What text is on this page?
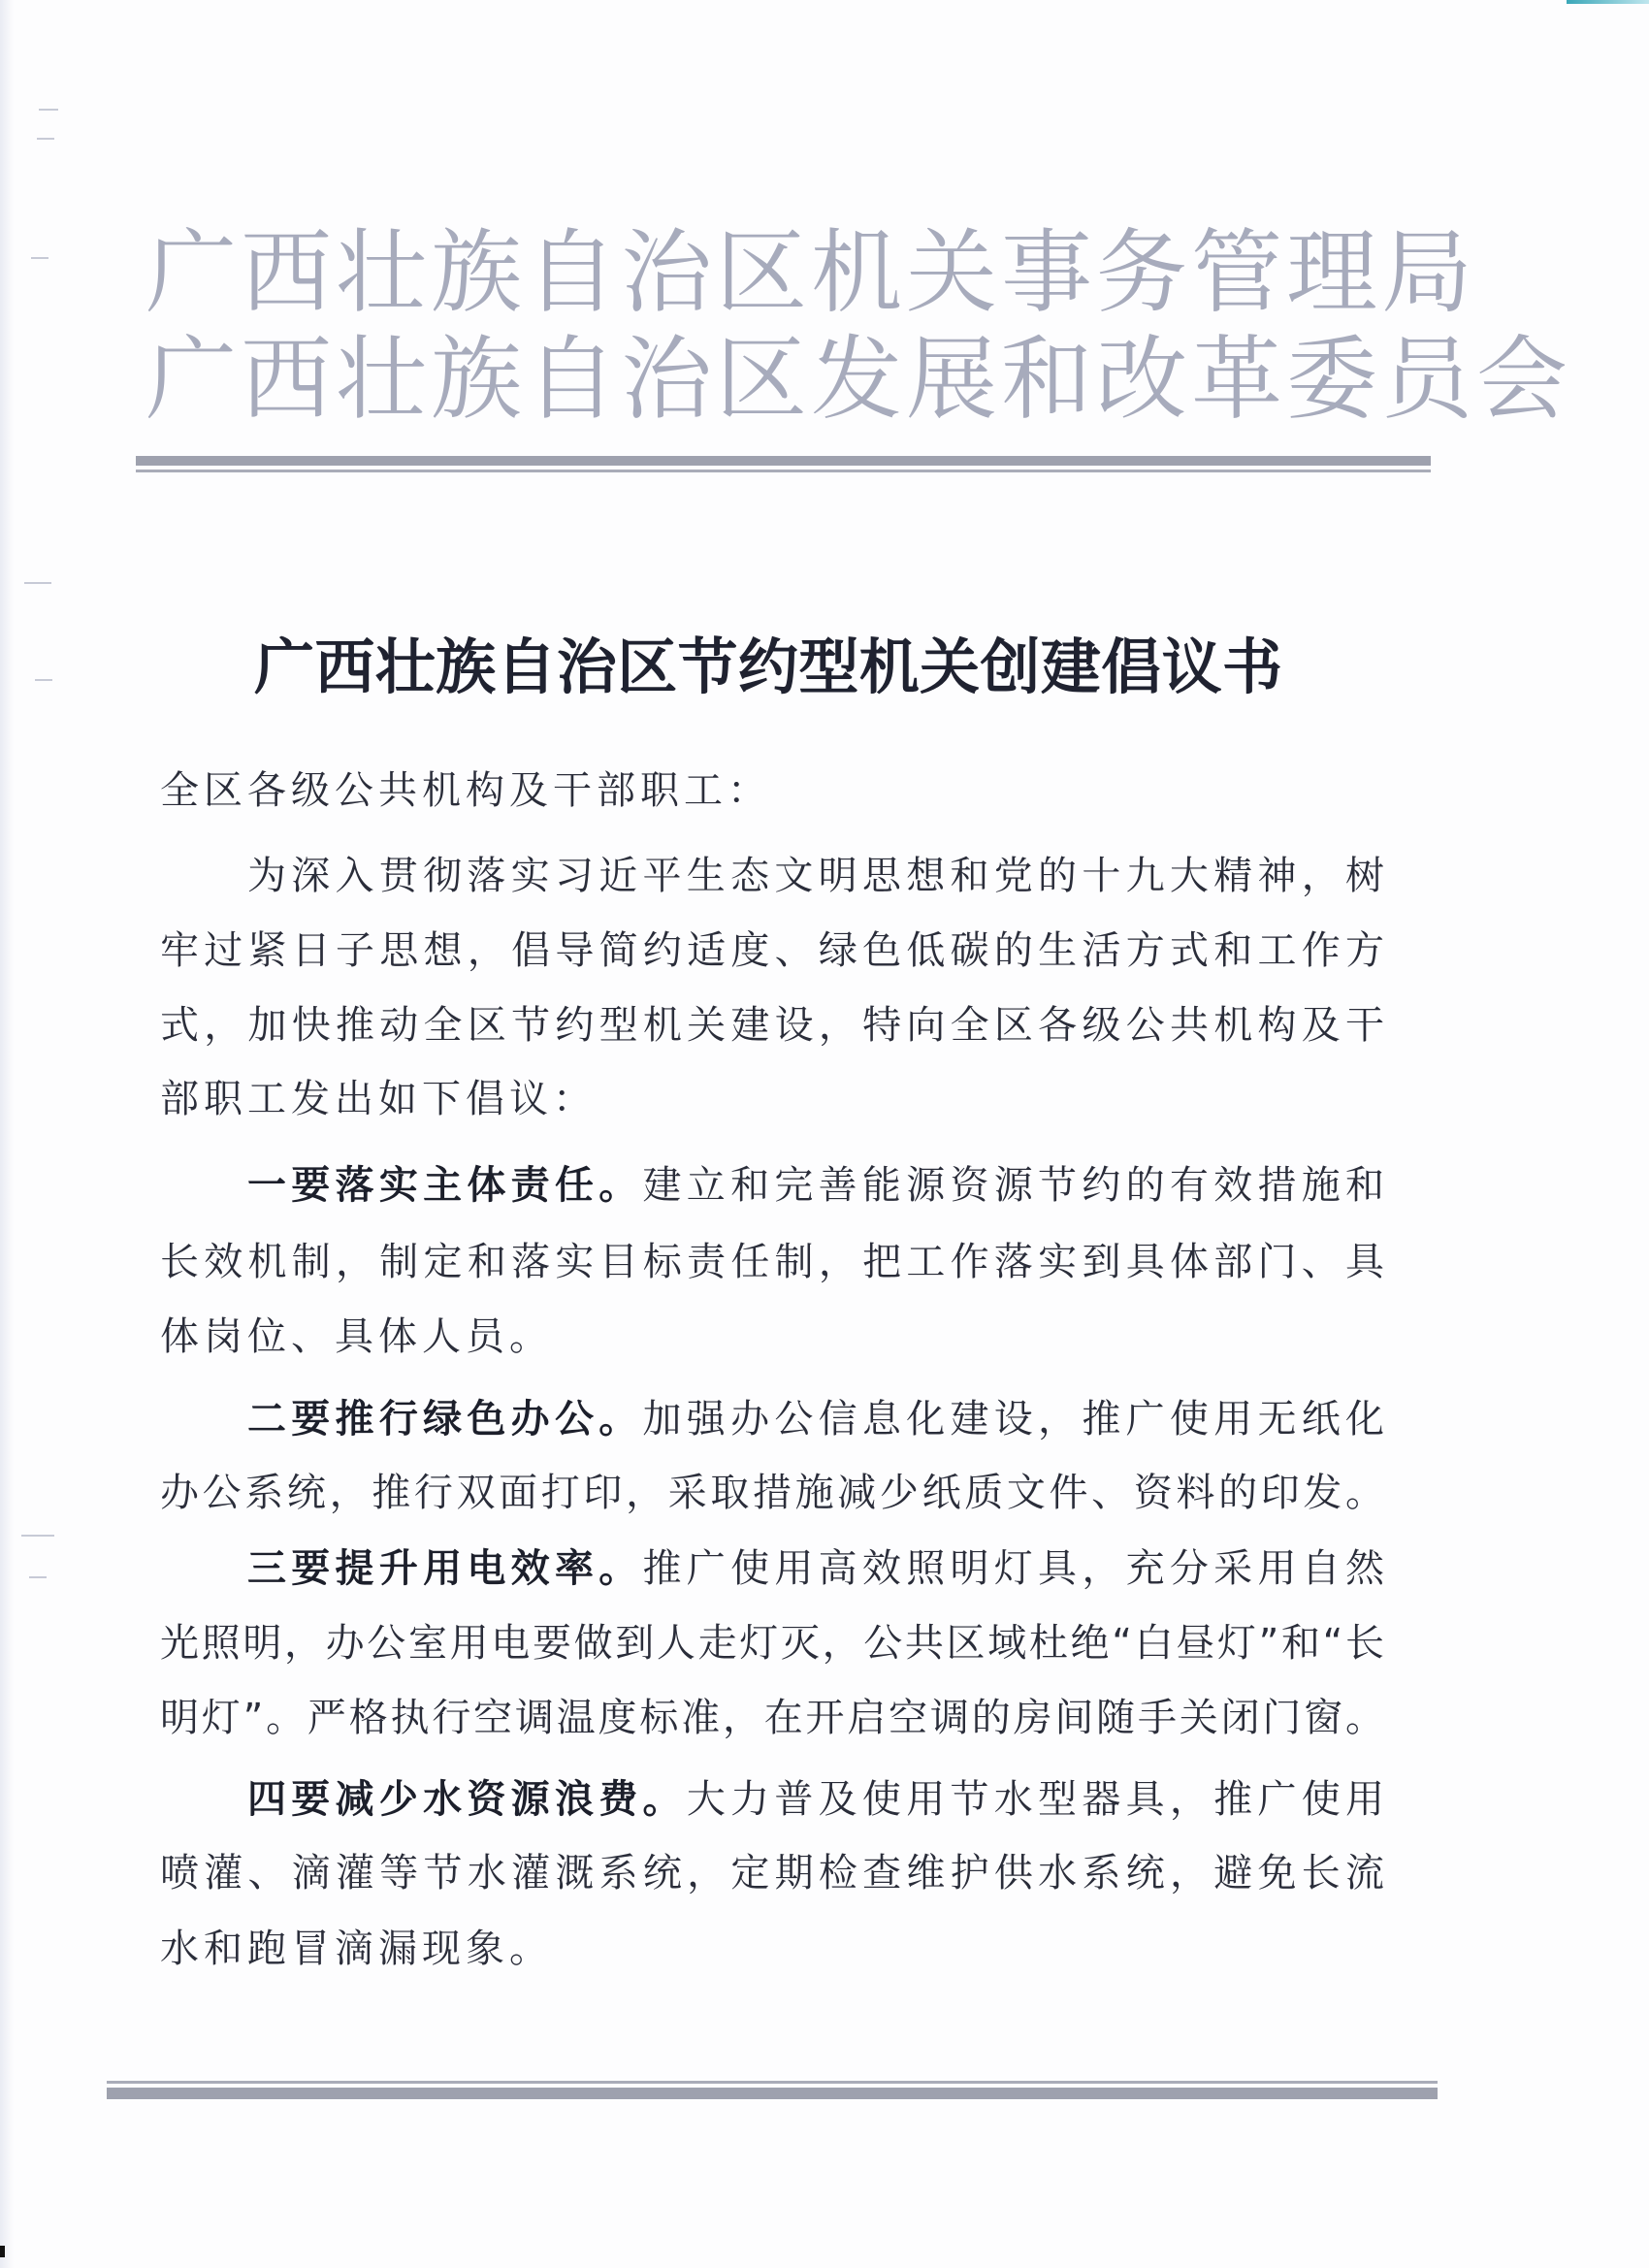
广西壮族自治区机关事务管理局
广西壮族自治区发展和改革委员会
广西壮族自治区节约型机关创建倡议书
全区各级公共机构及干部职工：
为深入贯彻落实习近平生态文明思想和党的十九大精神，树
牢过紧日子思想，倡导简约适度、绿色低碳的生活方式和工作方
式，加快推动全区节约型机关建设，特向全区各级公共机构及干
部职工发出如下倡议：
一要落实主体责任。建立和完善能源资源节约的有效措施和
长效机制，制定和落实目标责任制，把工作落实到具体部门、具
体岗位、具体人员。
二要推行绿色办公。加强办公信息化建设，推广使用无纸化
办公系统，推行双面打印，采取措施减少纸质文件、资料的印发。
三要提升用电效率。推广使用高效照明灯具，充分采用自然
光照明，办公室用电要做到人走灯灭，公共区域杜绝“白昼灯”和“长
明灯”。严格执行空调温度标准，在开启空调的房间随手关闭门窗。
四要减少水资源浪费。大力普及使用节水型器具，推广使用
喷灌、滴灌等节水灌溉系统，定期检查维护供水系统，避免长流
水和跑冒滴漏现象。
